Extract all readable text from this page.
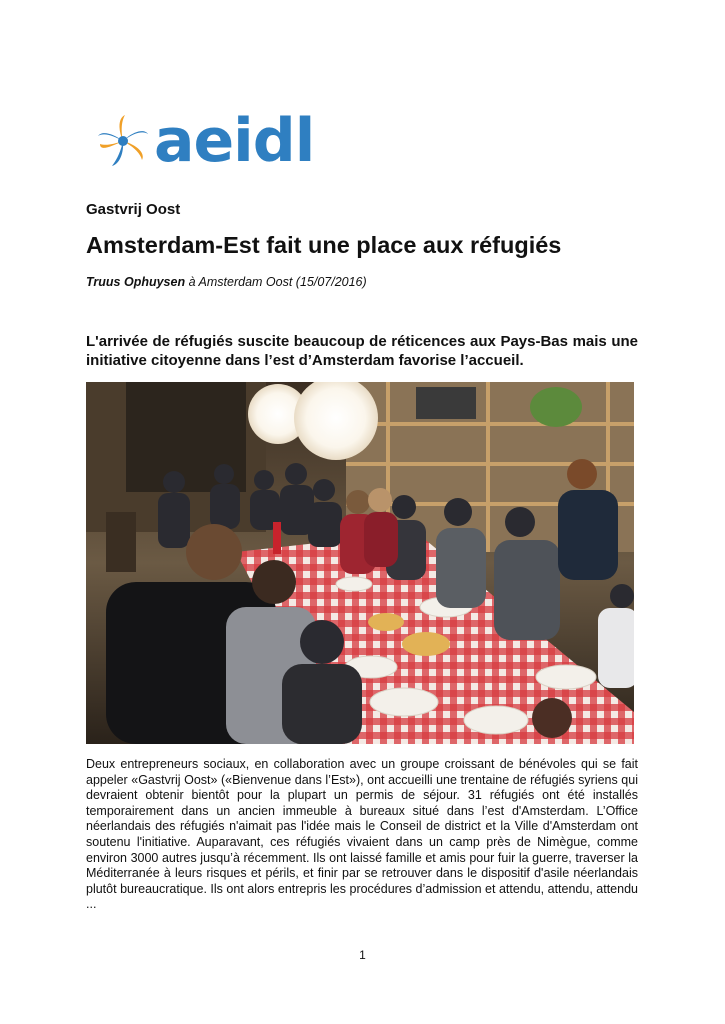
aeidl
Gastvrij Oost
Amsterdam-Est fait une place aux réfugiés
Truus Ophuysen à Amsterdam Oost (15/07/2016)
L'arrivée de réfugiés suscite beaucoup de réticences aux Pays-Bas mais une initiative citoyenne dans l’est d’Amsterdam favorise l’accueil.
Deux entrepreneurs sociaux, en collaboration avec un groupe croissant de bénévoles qui se fait appeler «Gastvrij Oost» («Bienvenue dans l’Est»), ont accueilli une trentaine de réfugiés syriens qui devraient obtenir bientôt pour la plupart un permis de séjour. 31 réfugiés ont été installés temporairement dans un ancien immeuble à bureaux situé dans l’est d'Amsterdam. L’Office néerlandais des réfugiés n'aimait pas l'idée mais le Conseil de district et la Ville d'Amsterdam ont soutenu l'initiative. Auparavant, ces réfugiés vivaient dans un camp près de Nimègue, comme environ 3000 autres jusqu’à récemment. Ils ont laissé famille et amis pour fuir la guerre, traverser la Méditerranée à leurs risques et périls, et finir par se retrouver dans le dispositif d'asile néerlandais plutôt bureaucratique. Ils ont alors entrepris les procédures d’admission et attendu, attendu, attendu ...
1
